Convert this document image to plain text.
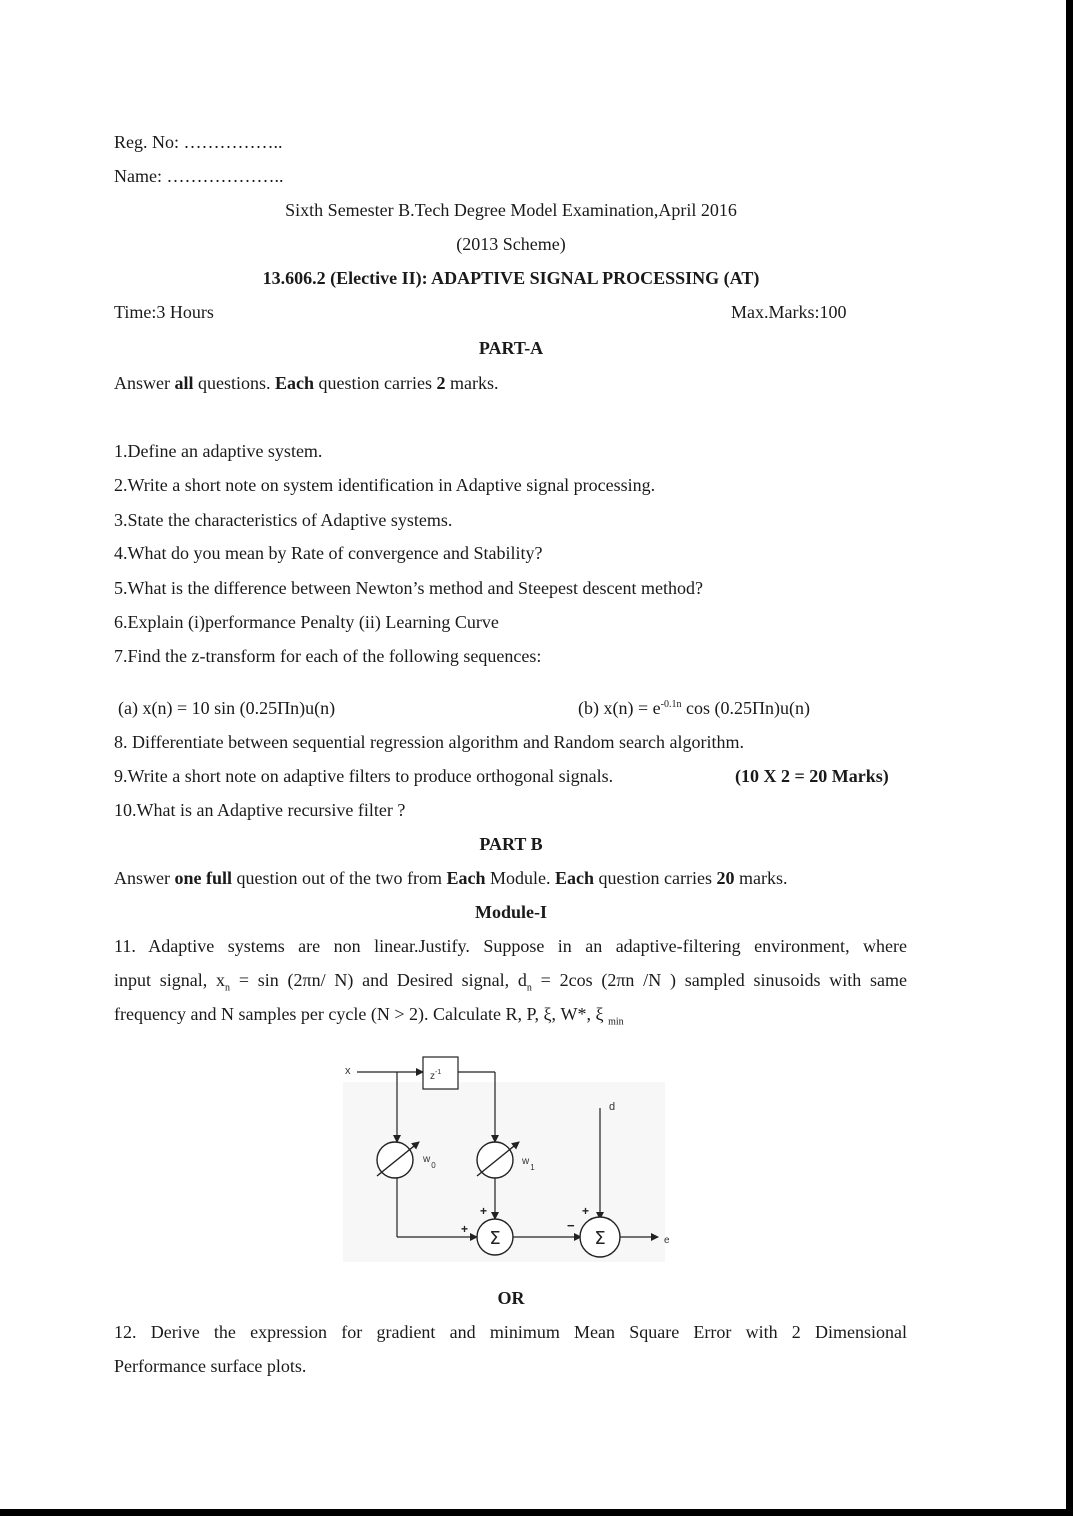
Reg. No: ……………..
Name: ………………..
Sixth Semester B.Tech Degree Model Examination,April 2016
(2013 Scheme)
13.606.2 (Elective II): ADAPTIVE SIGNAL PROCESSING (AT)
Time:3 Hours	Max.Marks:100
PART-A
Answer all questions. Each question carries 2 marks.
1.Define an adaptive system.
2.Write a short note on system identification in Adaptive signal processing.
3.State the characteristics of Adaptive systems.
4.What do you mean by Rate of convergence and Stability?
5.What is the difference between Newton’s method and Steepest descent method?
6.Explain (i)performance Penalty (ii) Learning Curve
7.Find the z-transform for each of the following sequences:
(a) x(n) = 10 sin (0.25Πn)u(n)	(b) $x(n) = e^{-0.1n}$ cos (0.25Πn)u(n)
8. Differentiate between sequential regression algorithm and Random search algorithm.
9.Write a short note on adaptive filters to produce orthogonal signals.	(10 X 2 = 20 Marks)
10.What is an Adaptive recursive filter ?
PART B
Answer one full question out of the two from Each Module. Each question carries 20 marks.
Module-I
11. Adaptive systems are non linear.Justify. Suppose in an adaptive-filtering environment, where
input signal, $x_n = \sin (2\pi n/$ N) and Desired signal, $d_n = 2\cos$ (2πn /N ) sampled sinusoids with same
frequency and N samples per cycle (N > 2). Calculate R, P, ξ, W*, ξ $_{min}$
x	$z^{-1}$
$w_0$	$w_1$
+
+
Σ
−
d
+
Σ	e
OR
12. Derive the expression for gradient and minimum Mean Square Error with 2 Dimensional
Performance surface plots.
